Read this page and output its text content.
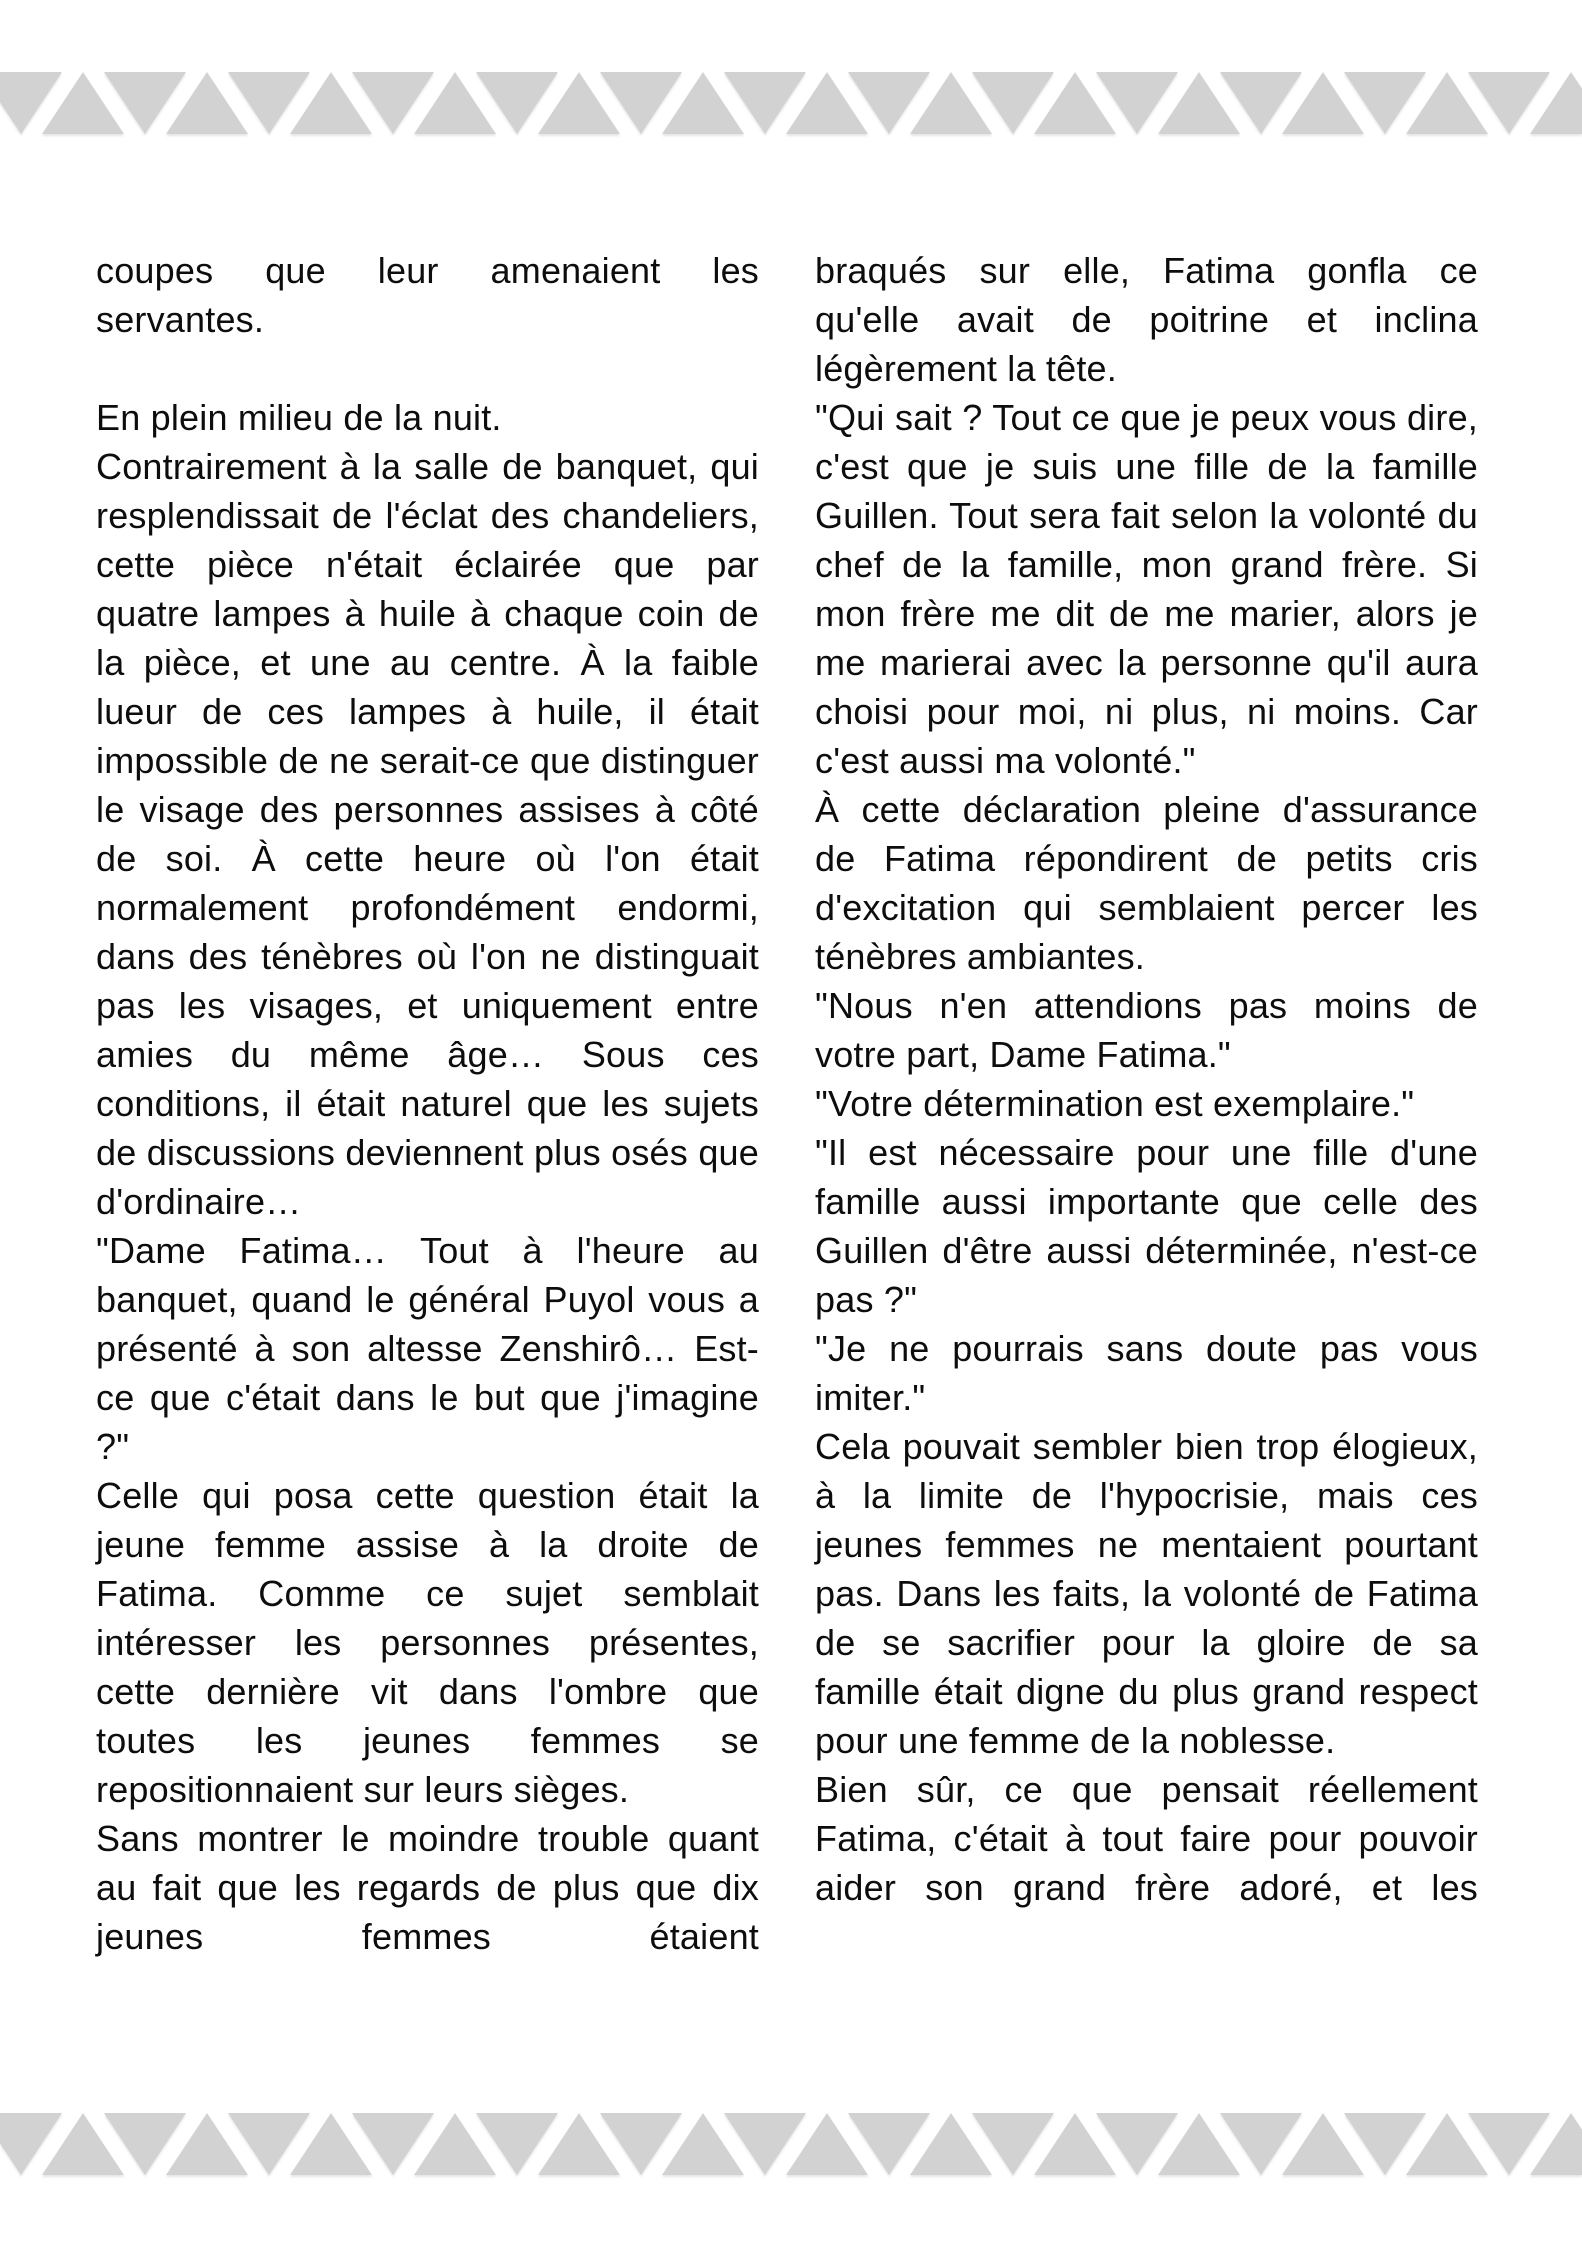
coupes que leur amenaient les servantes.

En plein milieu de la nuit.

Contrairement à la salle de banquet, qui resplendissait de l'éclat des chandeliers, cette pièce n'était éclairée que par quatre lampes à huile à chaque coin de la pièce, et une au centre. À la faible lueur de ces lampes à huile, il était impossible de ne serait-ce que distinguer le visage des personnes assises à côté de soi. À cette heure où l'on était normalement profondément endormi, dans des ténèbres où l'on ne distinguait pas les visages, et uniquement entre amies du même âge… Sous ces conditions, il était naturel que les sujets de discussions deviennent plus osés que d'ordinaire…

"Dame Fatima… Tout à l'heure au banquet, quand le général Puyol vous a présenté à son altesse Zenshirô… Est-ce que c'était dans le but que j'imagine ?"

Celle qui posa cette question était la jeune femme assise à la droite de Fatima. Comme ce sujet semblait intéresser les personnes présentes, cette dernière vit dans l'ombre que toutes les jeunes femmes se repositionnaient sur leurs sièges.

Sans montrer le moindre trouble quant au fait que les regards de plus que dix jeunes femmes étaient

braqués sur elle, Fatima gonfla ce qu'elle avait de poitrine et inclina légèrement la tête.

"Qui sait ? Tout ce que je peux vous dire, c'est que je suis une fille de la famille Guillen. Tout sera fait selon la volonté du chef de la famille, mon grand frère. Si mon frère me dit de me marier, alors je me marierai avec la personne qu'il aura choisi pour moi, ni plus, ni moins. Car c'est aussi ma volonté."

À cette déclaration pleine d'assurance de Fatima répondirent de petits cris d'excitation qui semblaient percer les ténèbres ambiantes.

"Nous n'en attendions pas moins de votre part, Dame Fatima."

"Votre détermination est exemplaire."

"Il est nécessaire pour une fille d'une famille aussi importante que celle des Guillen d'être aussi déterminée, n'est-ce pas ?"

"Je ne pourrais sans doute pas vous imiter."

Cela pouvait sembler bien trop élogieux, à la limite de l'hypocrisie, mais ces jeunes femmes ne mentaient pourtant pas. Dans les faits, la volonté de Fatima de se sacrifier pour la gloire de sa famille était digne du plus grand respect pour une femme de la noblesse.

Bien sûr, ce que pensait réellement Fatima, c'était à tout faire pour pouvoir aider son grand frère adoré, et les
